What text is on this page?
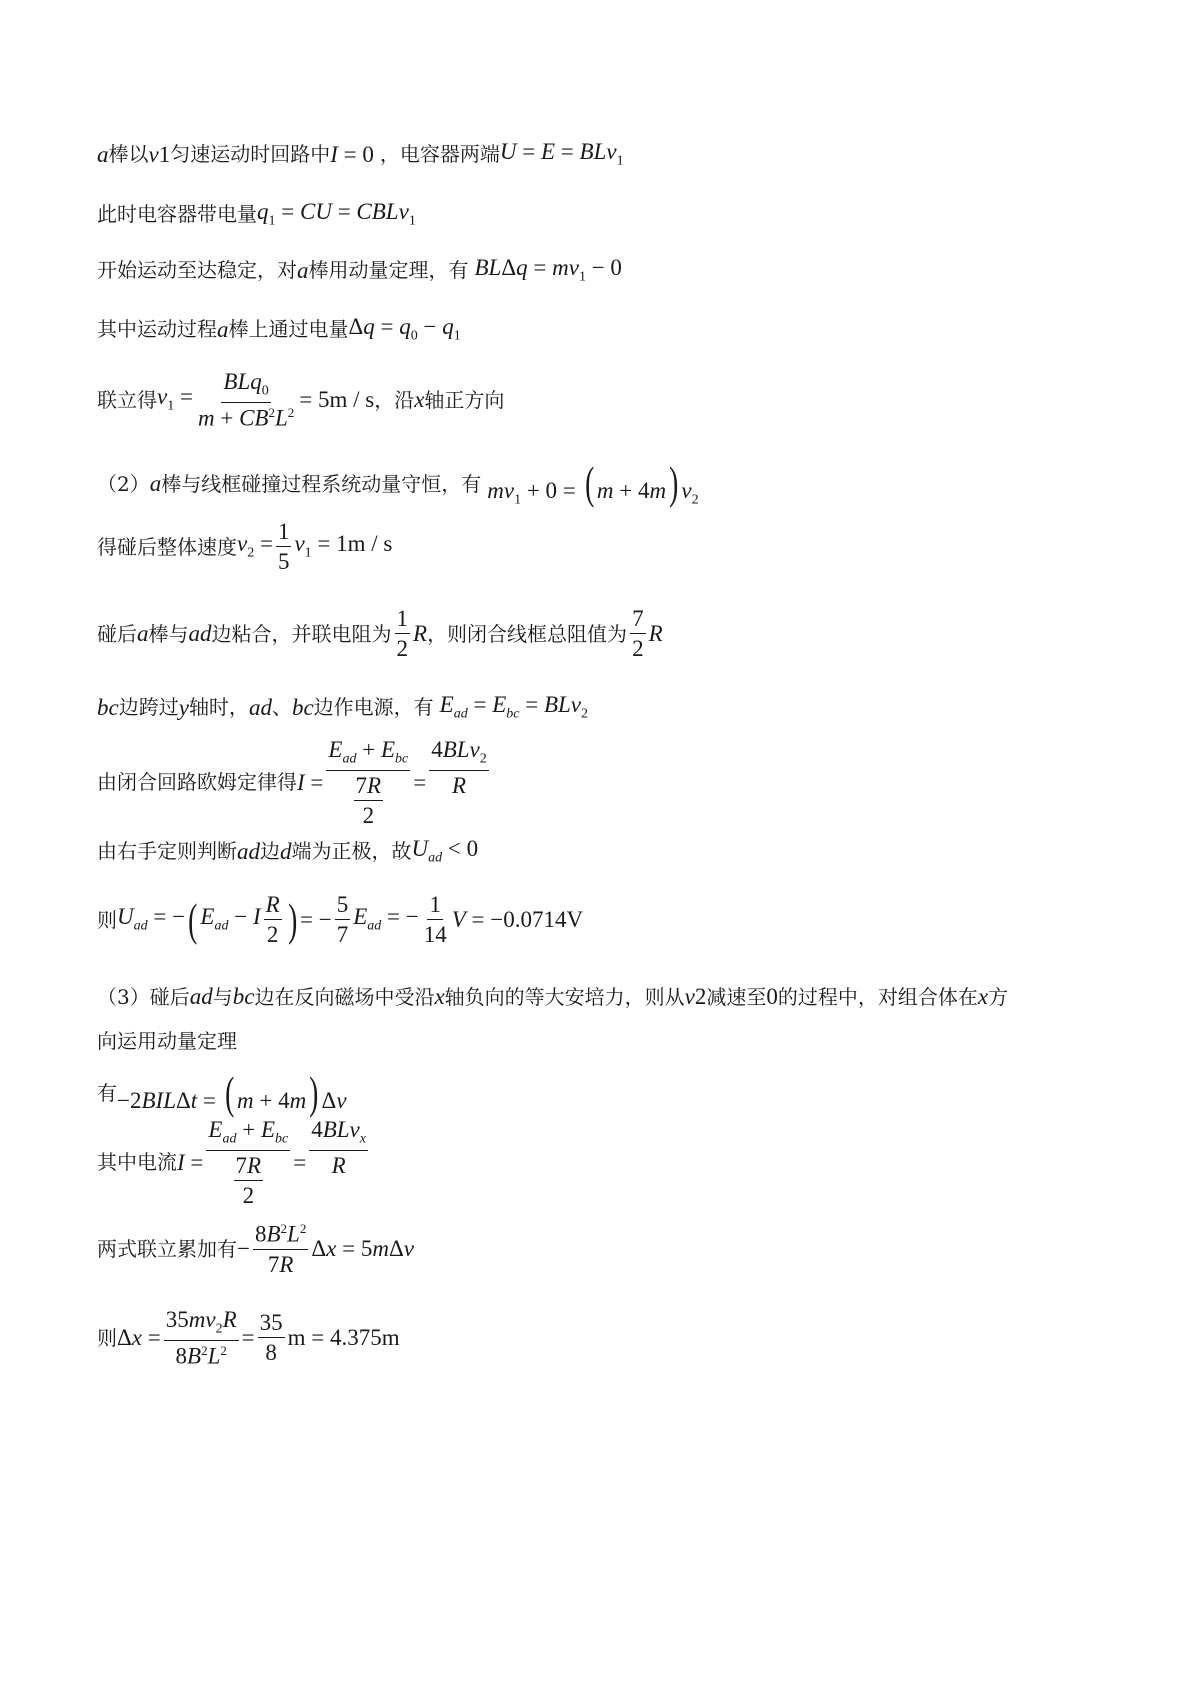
a 棒以 v 1 匀速运动时回路中 I = 0 ，电容器两端 U = E = BLv$_1$
此时电容器带电量 $q_1$ = CU = CBLv$_1$
开始运动至达稳定，对 a 棒用动量定理，有 $BL\Delta q = mv_1 - 0$
其中运动过程 a 棒上通过电量 $\Delta q = q_0 - q_1$
联立得 $v_1 = \frac{BLq_0}{m + CB^2L^2} = 5m / s$ ，沿 x 轴正方向
（2） a 棒与线框碰撞过程系统动量守恒，有 $mv_1 + 0$ = ( m + 4m) $v_2$
得碰后整体速度 $v_2 = \frac{1}{5} v_1 = 1m / s$
碰后 a 棒与 ad 边粘合，并联电阻为 $\frac{1}{2}$ R ，则闭合线框总阻值为 $\frac{7}{2}$ R
bc 边跨过 y 轴时， ad 、 bc 边作电源，有 $E_{ad} = E_{bc} = BLv_2$
由闭合回路欧姆定律得 $I = \frac{E_{ad} + E_{bc}}{\frac{7R}{2}} = \frac{4BLv_2}{R}$
由右手定则判断 ad 边 d 端为正极，故 $U_{ad} < 0$
则 $U_{ad}$ = − ( $E_{ad} - I \frac{R}{2}$ ) = − $\frac{5}{7} E_{ad}$ = − $\frac{1}{14}$ V = −0.0714V
（3）碰后 ad 与 bc 边在反向磁场中受沿 x 轴负向的等大安培力，则从 v 2 减速至 0 的过程中，对组合体在 x 方
向运用动量定理
有 −2BILΔt = ( m + 4m) Δv
其中电流 $I = \frac{E_{ad} + E_{bc}}{\frac{7R}{2}} = \frac{4BLv_x}{R}$
两式联立累加有 − $\frac{8B^2L^2}{7R}$ Δx = 5mΔv
则 $\Delta x = \frac{35mv_2R}{8B^2L^2} = \frac{35}{8}$ m = 4.375m
